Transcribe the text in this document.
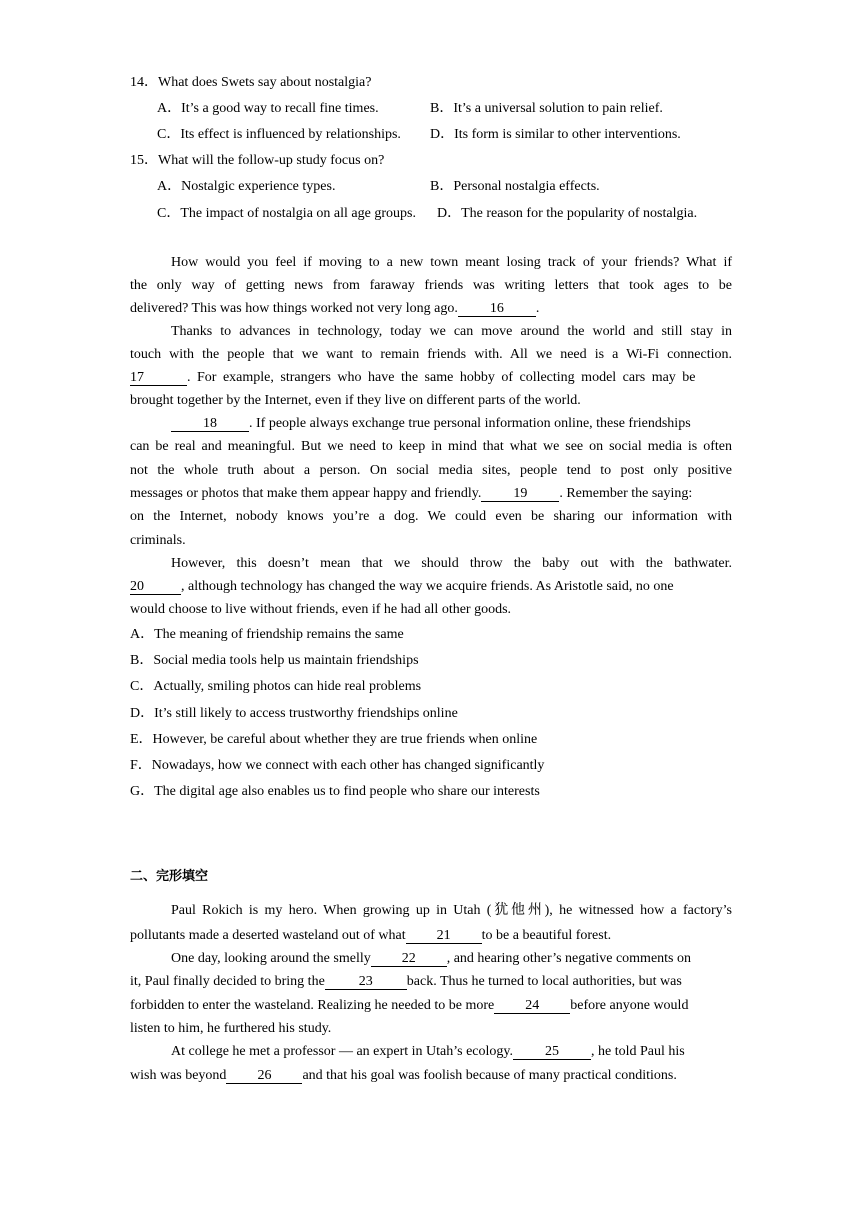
14．What does Swets say about nostalgia?
A．It’s a good way to recall fine times.	B．It’s a universal solution to pain relief.
C．Its effect is influenced by relationships. D．Its form is similar to other interventions.
15．What will the follow-up study focus on?
A．Nostalgic experience types.	B．Personal nostalgia effects.
C．The impact of nostalgia on all age groups. D．The reason for the popularity of nostalgia.
How would you feel if moving to a new town meant losing track of your friends? What if
the only way of getting news from faraway friends was writing letters that took ages to be
delivered? This was how things worked not very long ago. 16 .
Thanks to advances in technology, today we can move around the world and still stay in
touch with the people that we want to remain friends with. All we need is a Wi-Fi connection.
17	. For example, strangers who have the same hobby of collecting model cars may be
brought together by the Internet, even if they live on different parts of the world.
18 . If people always exchange true personal information online, these friendships
can be real and meaningful. But we need to keep in mind that what we see on social media is often
not the whole truth about a person. On social media sites, people tend to post only positive
messages or photos that make them appear happy and friendly. 19 . Remember the saying:
on the Internet, nobody knows you’re a dog. We could even be sharing our information with
criminals.
However, this doesn’t mean that we should throw the baby out with the bathwater.
20	, although technology has changed the way we acquire friends. As Aristotle said, no one
would choose to live without friends, even if he had all other goods.
A．The meaning of friendship remains the same
B．Social media tools help us maintain friendships
C．Actually, smiling photos can hide real problems
D．It’s still likely to access trustworthy friendships online
E．However, be careful about whether they are true friends when online
F．Nowadays, how we connect with each other has changed significantly
G．The digital age also enables us to find people who share our interests
二、完形填空
Paul Rokich is my hero. When growing up in Utah (犹他州), he witnessed how a factory’s
pollutants made a deserted wasteland out of what 21 to be a beautiful forest.
One day, looking around the smelly 22 , and hearing other’s negative comments on
it, Paul finally decided to bring the 23 back. Thus he turned to local authorities, but was
forbidden to enter the wasteland. Realizing he needed to be more 24 before anyone would
listen to him, he furthered his study.
At college he met a professor — an expert in Utah’s ecology. 25 , he told Paul his
wish was beyond 26 and that his goal was foolish because of many practical conditions.
